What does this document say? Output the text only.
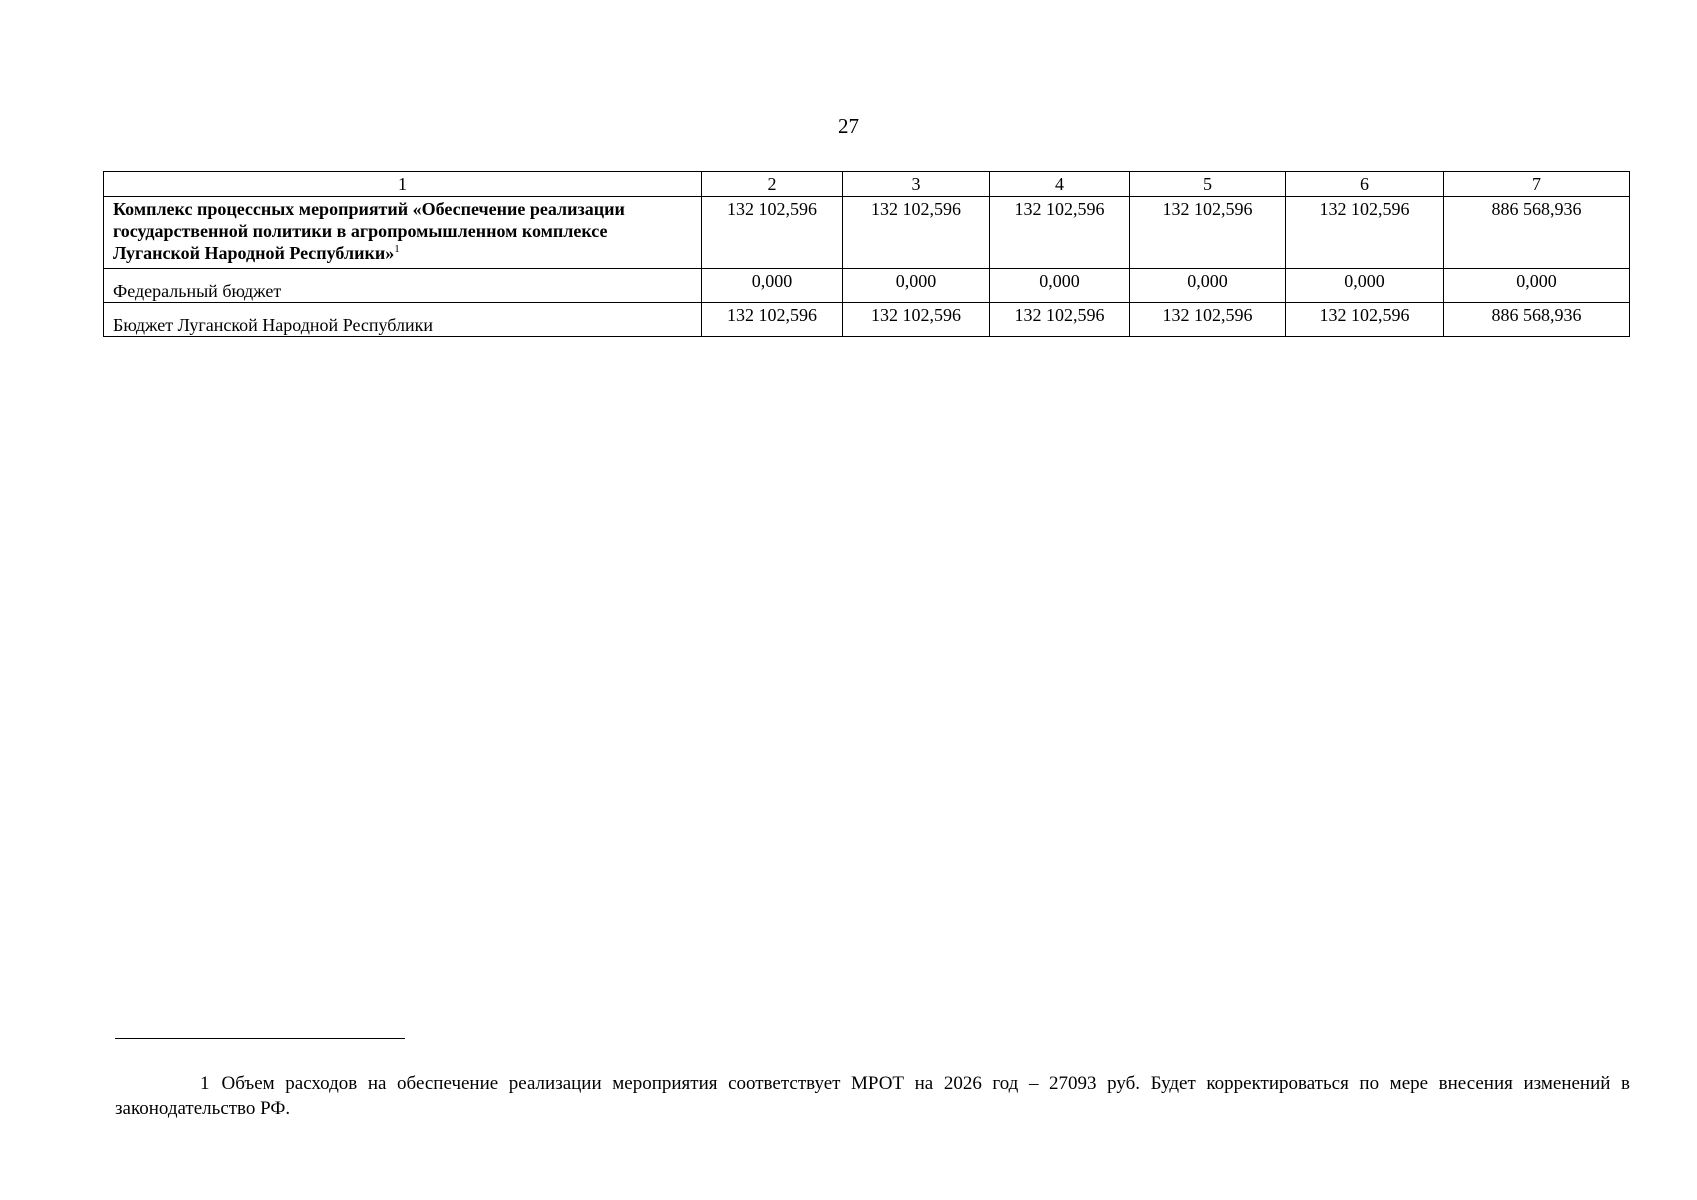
27
1	2	3	4	5	6	7
Комплекс процессных мероприятий «Обеспечение реализации государственной политики в агропромышленном комплексе Луганской Народной Республики»$^1$	132 102,596	132 102,596	132 102,596	132 102,596	132 102,596	886 568,936
Федеральный бюджет	0,000	0,000	0,000	0,000	0,000	0,000
Бюджет Луганской Народной Республики	132 102,596	132 102,596	132 102,596	132 102,596	132 102,596	886 568,936
1 Объем расходов на обеспечение реализации мероприятия соответствует МРОТ на 2026 год – 27093 руб. Будет корректироваться по мере внесения изменений в законодательство РФ.
